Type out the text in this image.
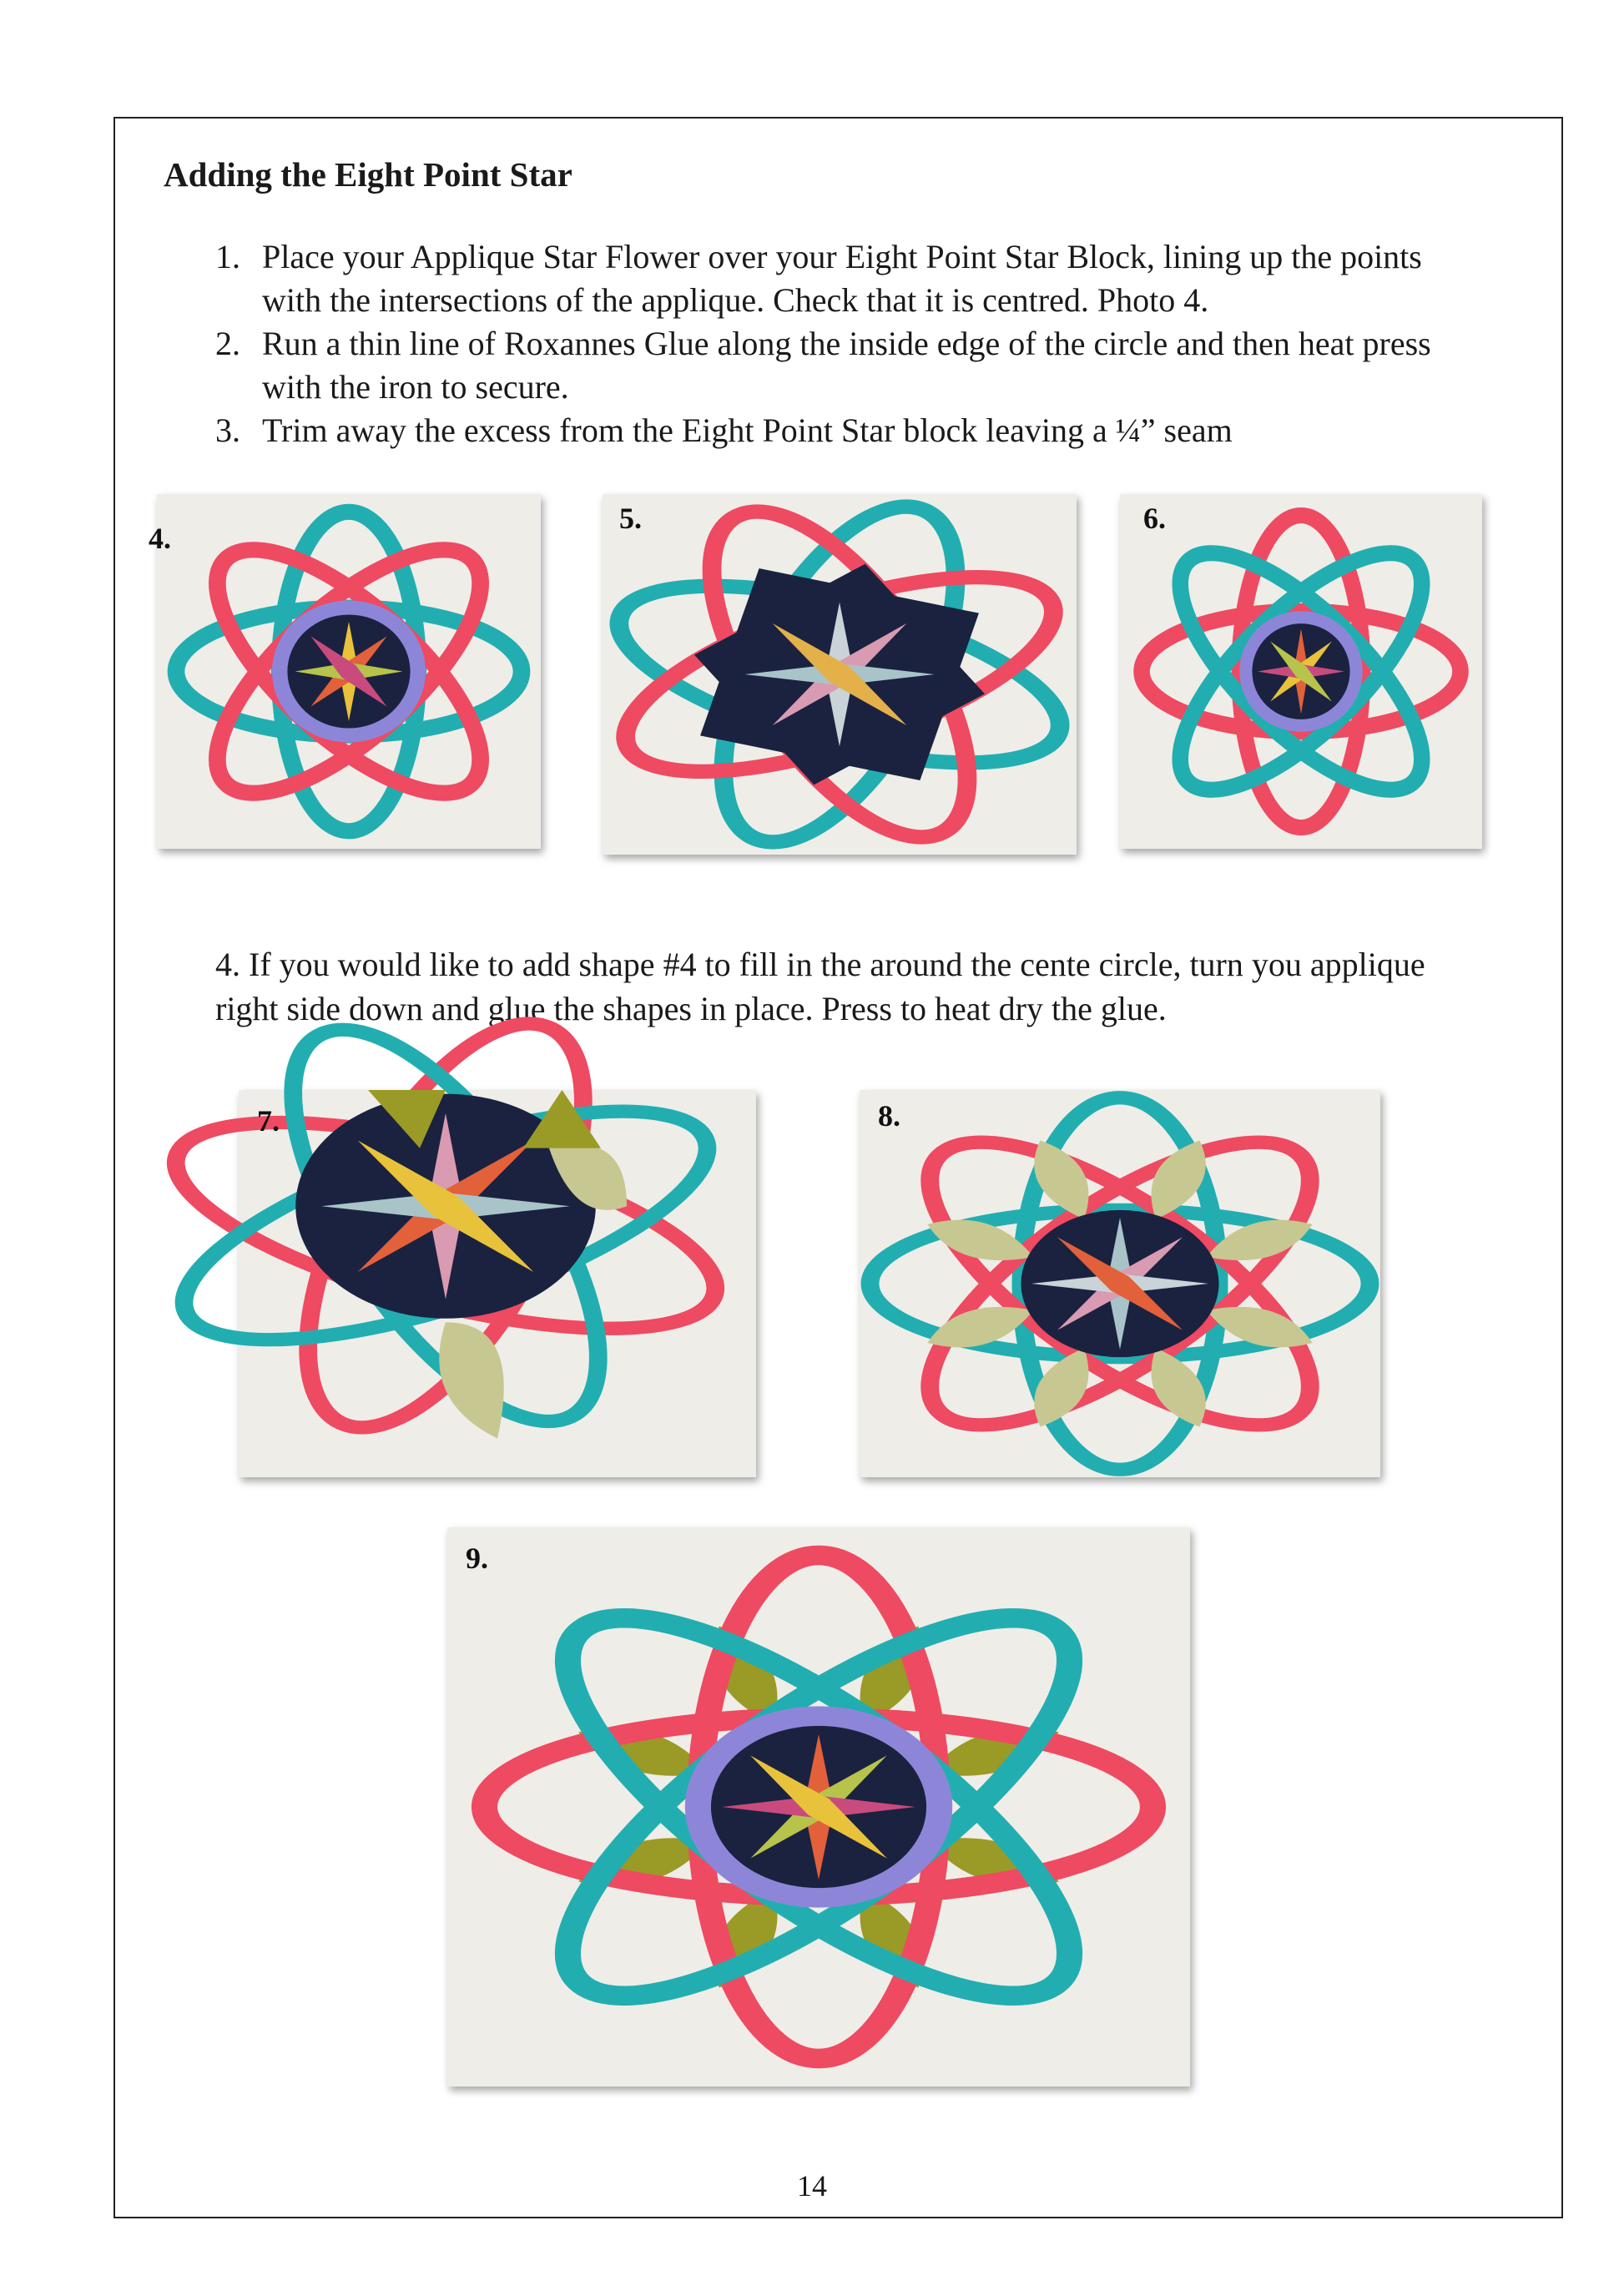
Adding the Eight Point Star
1. Place your Applique Star Flower over your Eight Point Star Block, lining up the points with the intersections of the applique. Check that it is centred. Photo 4.
2. Run a thin line of Roxannes Glue along the inside edge of the circle and then heat press with the iron to secure.
3. Trim away the excess from the Eight Point Star block leaving a ¼” seam
4.
5.	6.

4. If you would like to add shape #4 to fill in the around the cente circle, turn you applique right side down and glue the shapes in place. Press to heat dry the glue.

7.	8.
9.

14
